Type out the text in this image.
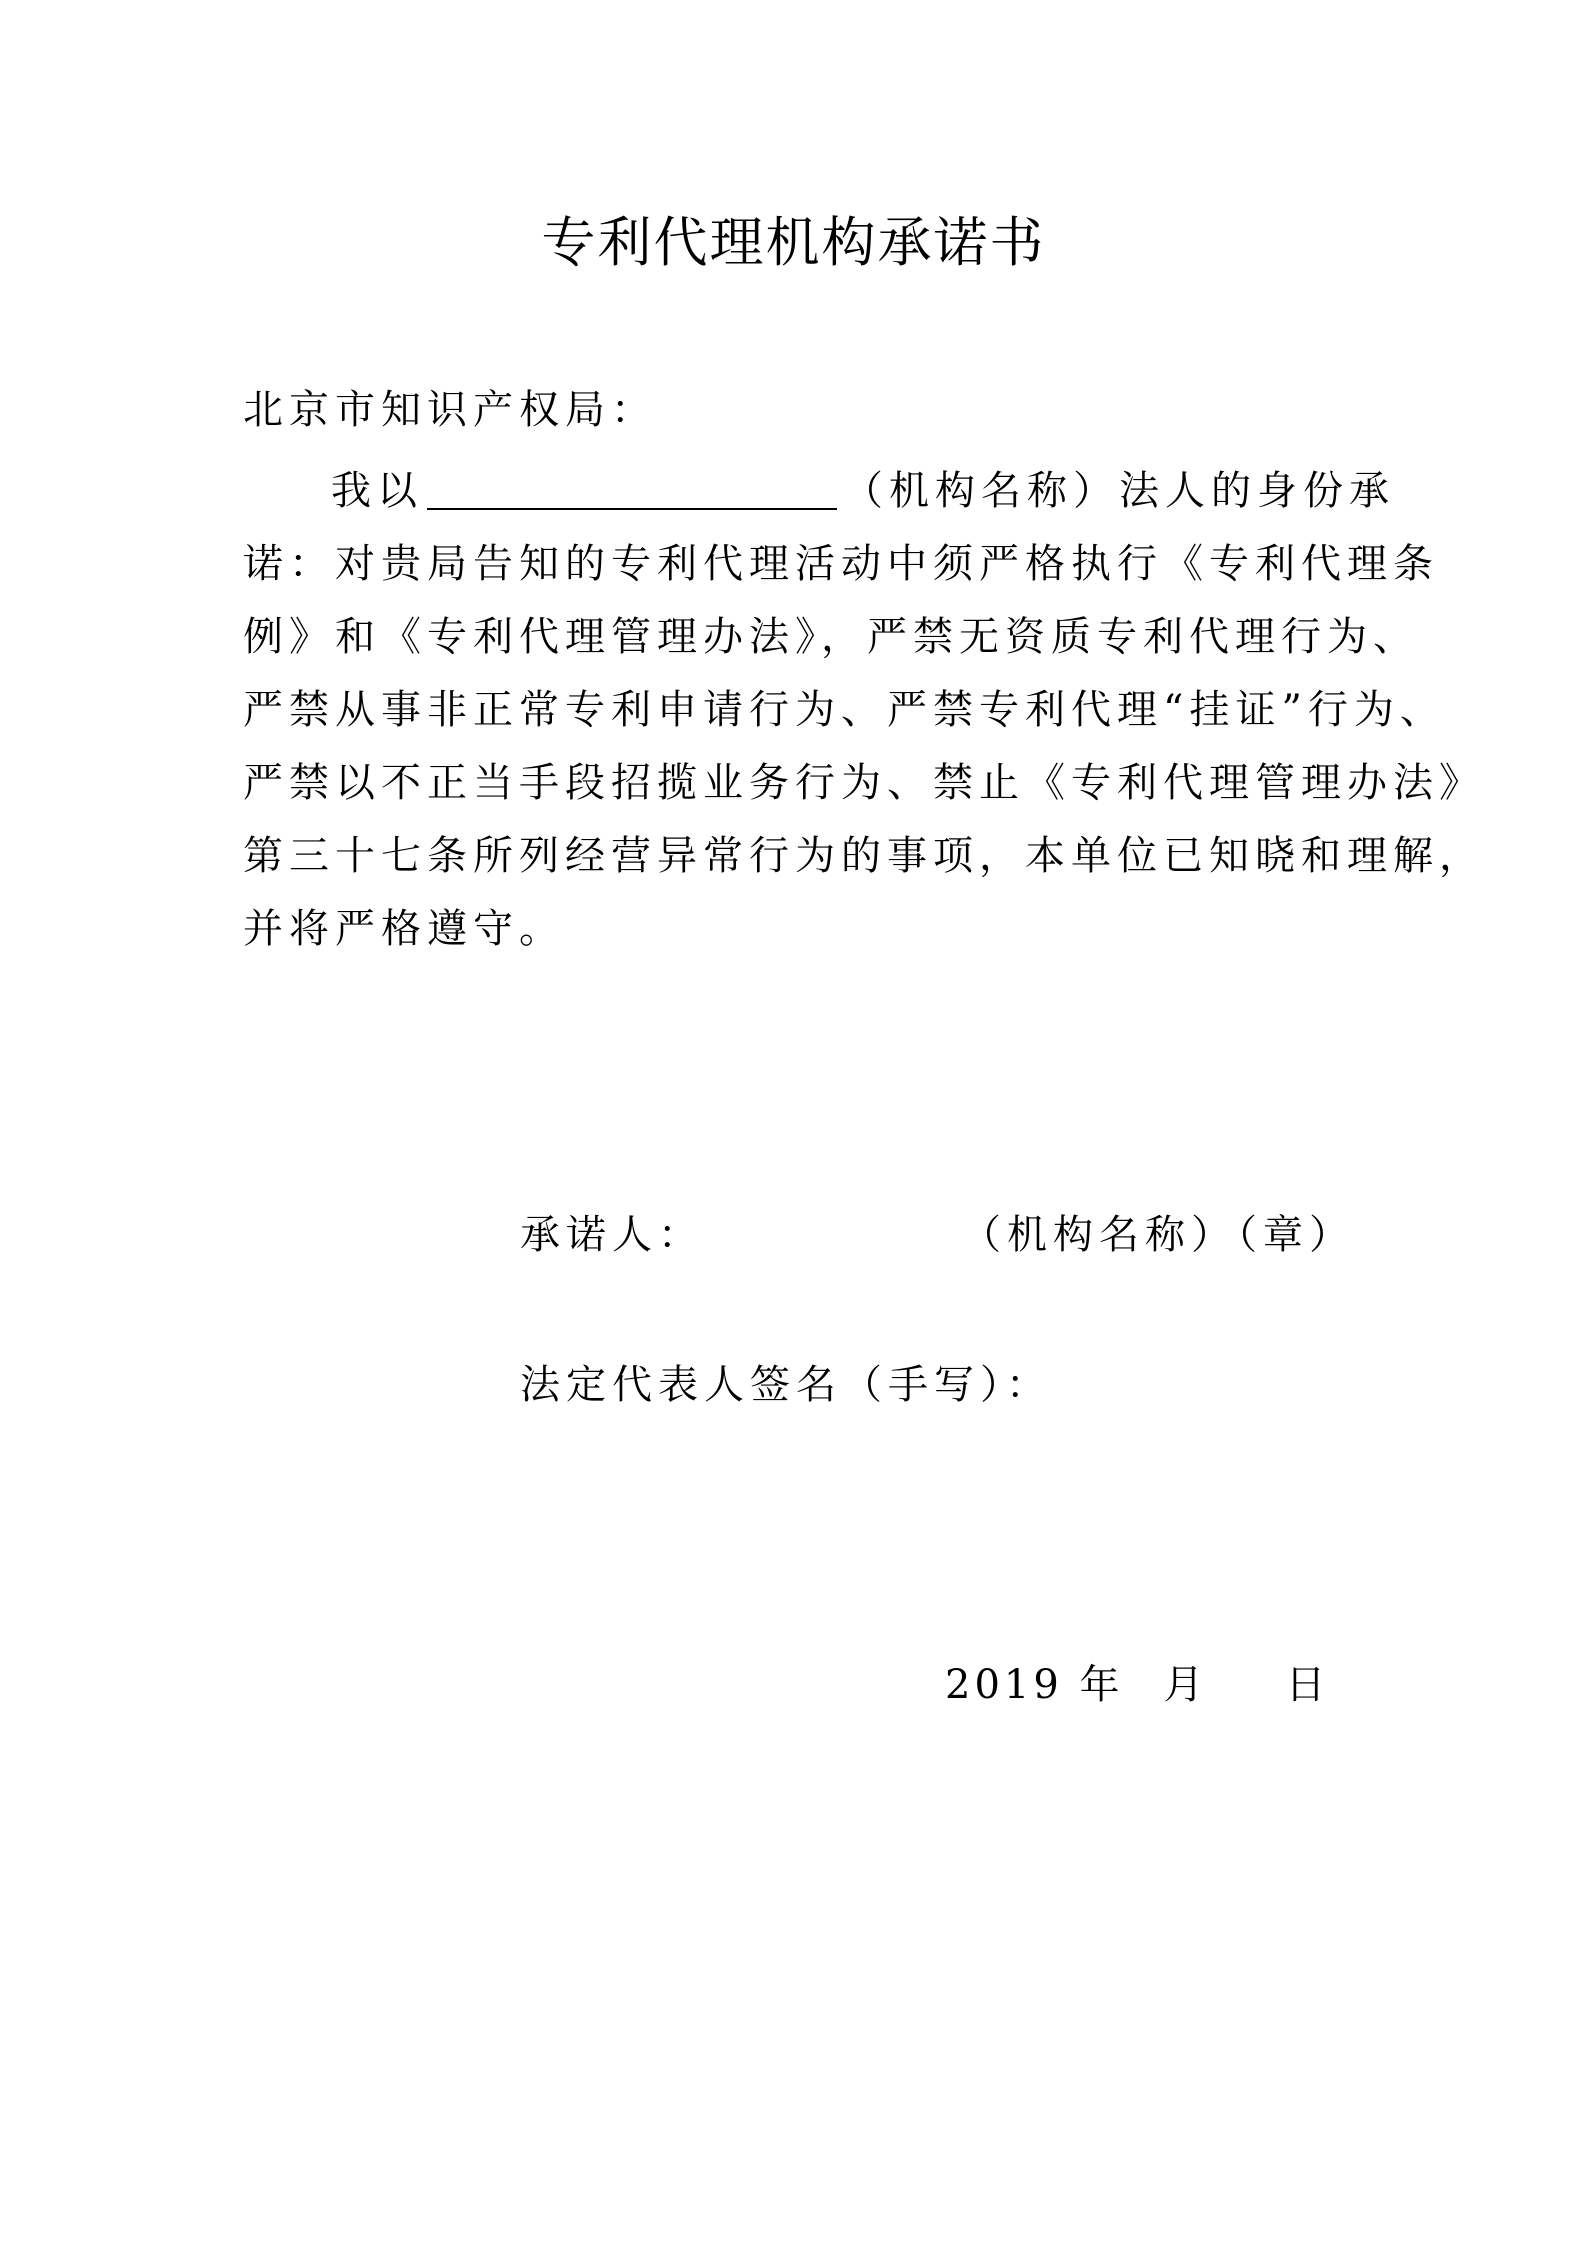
专利代理机构承诺书
北京市知识产权局：
我以	（机构名称）法人的身份承
诺：对贵局告知的专利代理活动中须严格执行《专利代理条
例》和《专利代理管理办法》，严禁无资质专利代理行为、
严禁从事非正常专利申请行为、严禁专利代理“挂证”行为、
严禁以不正当手段招揽业务行为、禁止《专利代理管理办法》
第三十七条所列经营异常行为的事项，本单位已知晓和理解，
并将严格遵守。
承诺人：	（机构名称）（章）
法定代表人签名（手写）：
2019 年 月 日
